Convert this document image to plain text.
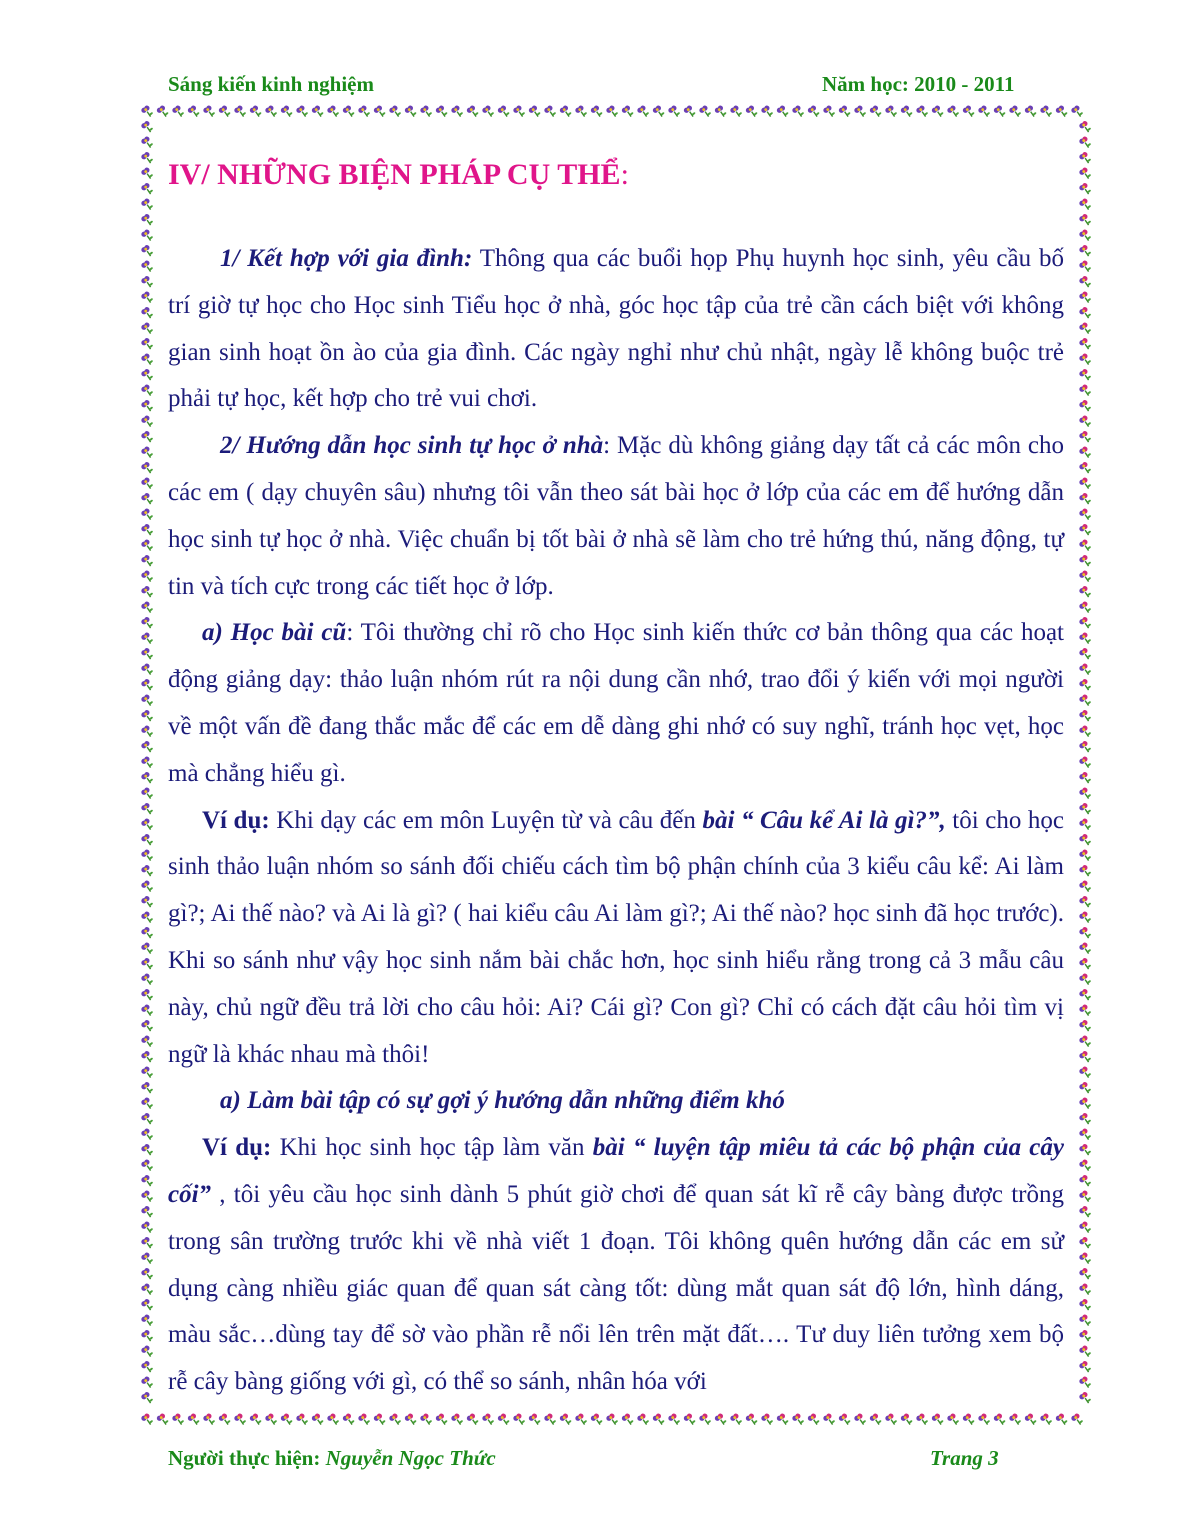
Sáng kiến kinh nghiệm	Năm học: 2010 - 2011
IV/ NHỮNG BIỆN PHÁP CỤ THỂ:

1/ Kết hợp với gia đình: Thông qua các buổi họp Phụ huynh học sinh, yêu cầu bố trí giờ tự học cho Học sinh Tiểu học ở nhà, góc học tập của trẻ cần cách biệt với không gian sinh hoạt ồn ào của gia đình. Các ngày nghỉ như chủ nhật, ngày lễ không buộc trẻ phải tự học, kết hợp cho trẻ vui chơi.

2/ Hướng dẫn học sinh tự học ở nhà: Mặc dù không giảng dạy tất cả các môn cho các em ( dạy chuyên sâu) nhưng tôi vẫn theo sát bài học ở lớp của các em để hướng dẫn học sinh tự học ở nhà. Việc chuẩn bị tốt bài ở nhà sẽ làm cho trẻ hứng thú, năng động, tự tin và tích cực trong các tiết học ở lớp.

a) Học bài cũ: Tôi thường chỉ rõ cho Học sinh kiến thức cơ bản thông qua các hoạt động giảng dạy: thảo luận nhóm rút ra nội dung cần nhớ, trao đổi ý kiến với mọi người về một vấn đề đang thắc mắc để các em dễ dàng ghi nhớ có suy nghĩ, tránh học vẹt, học mà chẳng hiểu gì.

Ví dụ: Khi dạy các em môn Luyện từ và câu đến bài “ Câu kể Ai là gì?”, tôi cho học sinh thảo luận nhóm so sánh đối chiếu cách tìm bộ phận chính của 3 kiểu câu kể: Ai làm gì?; Ai thế nào? và Ai là gì? ( hai kiểu câu Ai làm gì?; Ai thế nào? học sinh đã học trước). Khi so sánh như vậy học sinh nắm bài chắc hơn, học sinh hiểu rằng trong cả 3 mẫu câu này, chủ ngữ đều trả lời cho câu hỏi: Ai? Cái gì? Con gì? Chỉ có cách đặt câu hỏi tìm vị ngữ là khác nhau mà thôi!

a) Làm bài tập có sự gợi ý hướng dẫn những điểm khó

Ví dụ: Khi học sinh học tập làm văn bài “ luyện tập miêu tả các bộ phận của cây cối” , tôi yêu cầu học sinh dành 5 phút giờ chơi để quan sát kĩ rễ cây bàng được trồng trong sân trường trước khi về nhà viết 1 đoạn. Tôi không quên hướng dẫn các em sử dụng càng nhiều giác quan để quan sát càng tốt: dùng mắt quan sát độ lớn, hình dáng, màu sắc…dùng tay để sờ vào phần rễ nổi lên trên mặt đất…. Tư duy liên tưởng xem bộ rễ cây bàng giống với gì, có thể so sánh, nhân hóa với

Người thực hiện: Nguyễn Ngọc Thức	Trang 3
